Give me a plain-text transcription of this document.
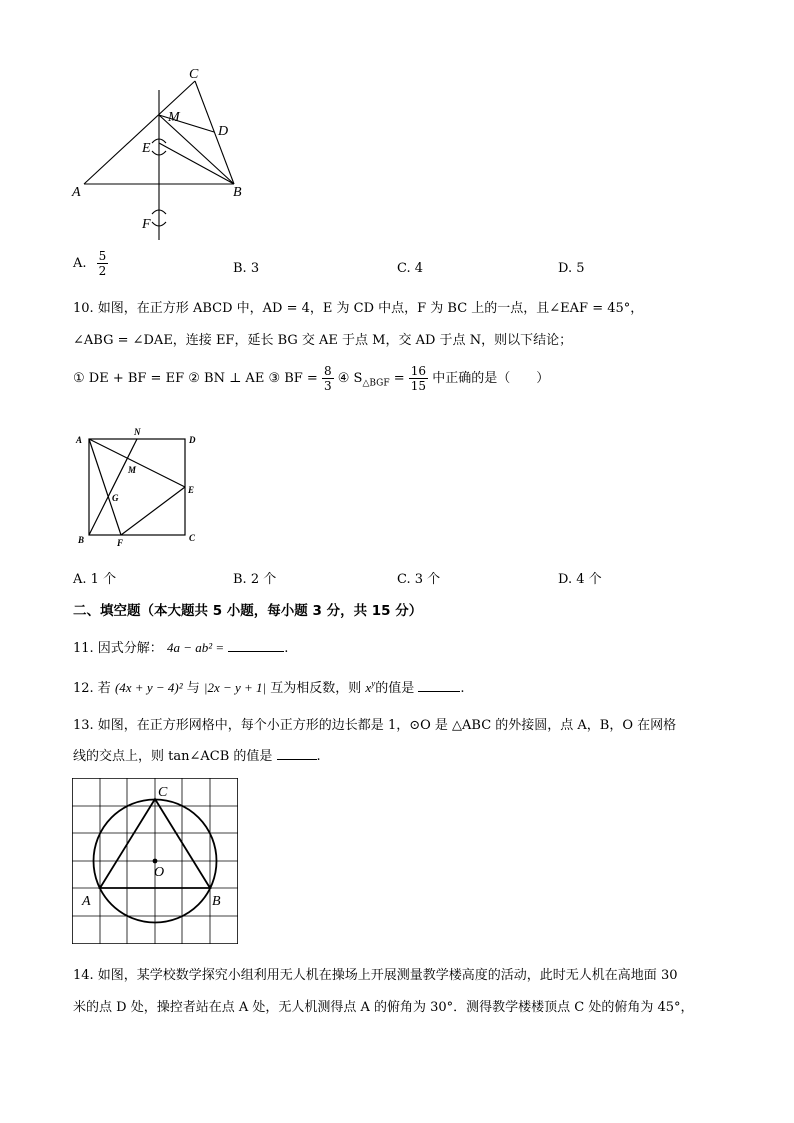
C
M
D
E
A	B
F
A. $\frac{5}{2}$	B. 3	C. 4	D. 5
10. 如图，在正方形 ABCD 中，AD = 4，E 为 CD 中点，F 为 BC 上的一点，且∠EAF = 45°，
∠ABG = ∠DAE，连接 EF，延长 BG 交 AE 于点 M，交 AD 于点 N，则以下结论；
① DE + BF = EF ② BN ⊥ AE ③ BF = $\frac{8}{3}$ ④ $S_{\triangle BGF} = \frac{16}{15}$ 中正确的是（　　）
A
N
D
M
E
G
B	F	C
A. 1 个	B. 2 个	C. 3 个	D. 4 个
二、填空题（本大题共 5 小题，每小题 3 分，共 15 分）
11. 因式分解： 4a − ab² =	.
12. 若 (4x + y − 4)² 与 |2x − y + 1| 互为相反数，则 $x^y$的值是	.
13. 如图，在正方形网格中，每个小正方形的边长都是 1，⊙O 是 △ABC 的外接圆，点 A，B，O 在网格
线的交点上，则 tan∠ACB 的值是	.
C
O
A	B
14. 如图，某学校数学探究小组利用无人机在操场上开展测量教学楼高度的活动，此时无人机在高地面 30
米的点 D 处，操控者站在点 A 处，无人机测得点 A 的俯角为 30°．测得教学楼楼顶点 C 处的俯角为 45°，
